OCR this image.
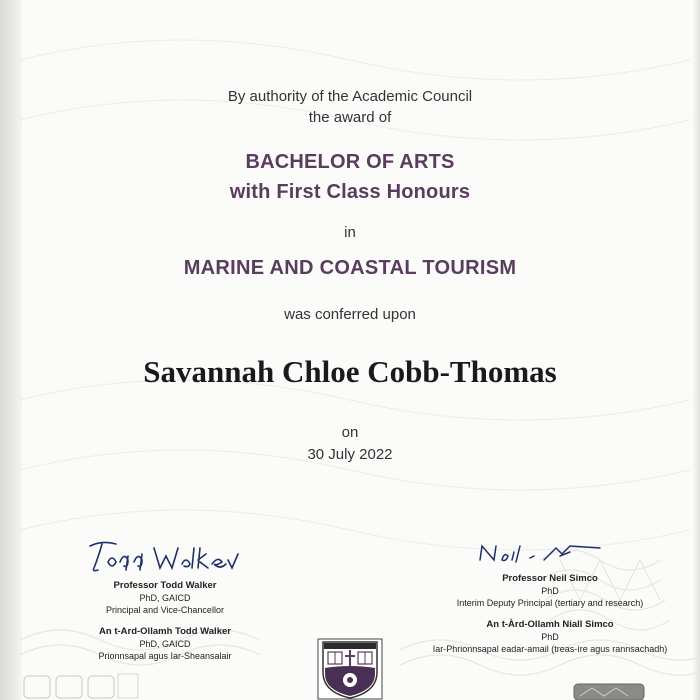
By authority of the Academic Council
the award of
BACHELOR OF ARTS
with First Class Honours
in
MARINE AND COASTAL TOURISM
was conferred upon
Savannah Chloe Cobb-Thomas
on
30 July 2022
Professor Todd Walker
PhD, GAICD
Principal and Vice-Chancellor
An t-Ard-Ollamh Todd Walker
PhD, GAICD
Prionnsapal agus Iar-Sheansalair
Professor Neil Simco
PhD
Interim Deputy Principal (tertiary and research)
An t-Àrd-Ollamh Niall Simco
PhD
Iar-Phrionnsapal eadar-amail (treas-ìre agus rannsachadh)
